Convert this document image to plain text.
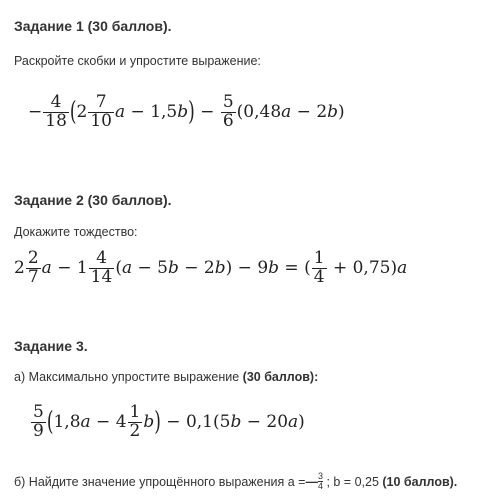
Задание 1 (30 баллов).
Раскройте скобки и упростите выражение:
− $\frac{4}{18}$ ( $2 \frac{7}{10}$ a − 1,5 b ) − $\frac{5}{6} (0,48$ a − 2 b )
Задание 2 (30 баллов).
Докажите тождество:
$2 \frac{2}{7}$ $a - 1 \frac{4}{14}$ ( a − 5 b − 2 b ) − 9 b = ( $\frac{1}{4} + 0,75$) a
Задание 3.
а) Максимально упростите выражение (30 баллов):
$\frac{5}{9}$ ( 1,8 $a - 4 \frac{1}{2}$ b ) − 0,1(5 b − 20 a )
б) Найдите значение упрощённого выражения a = — $\frac{3}{4}$ ; b = 0,25 (10 баллов).
